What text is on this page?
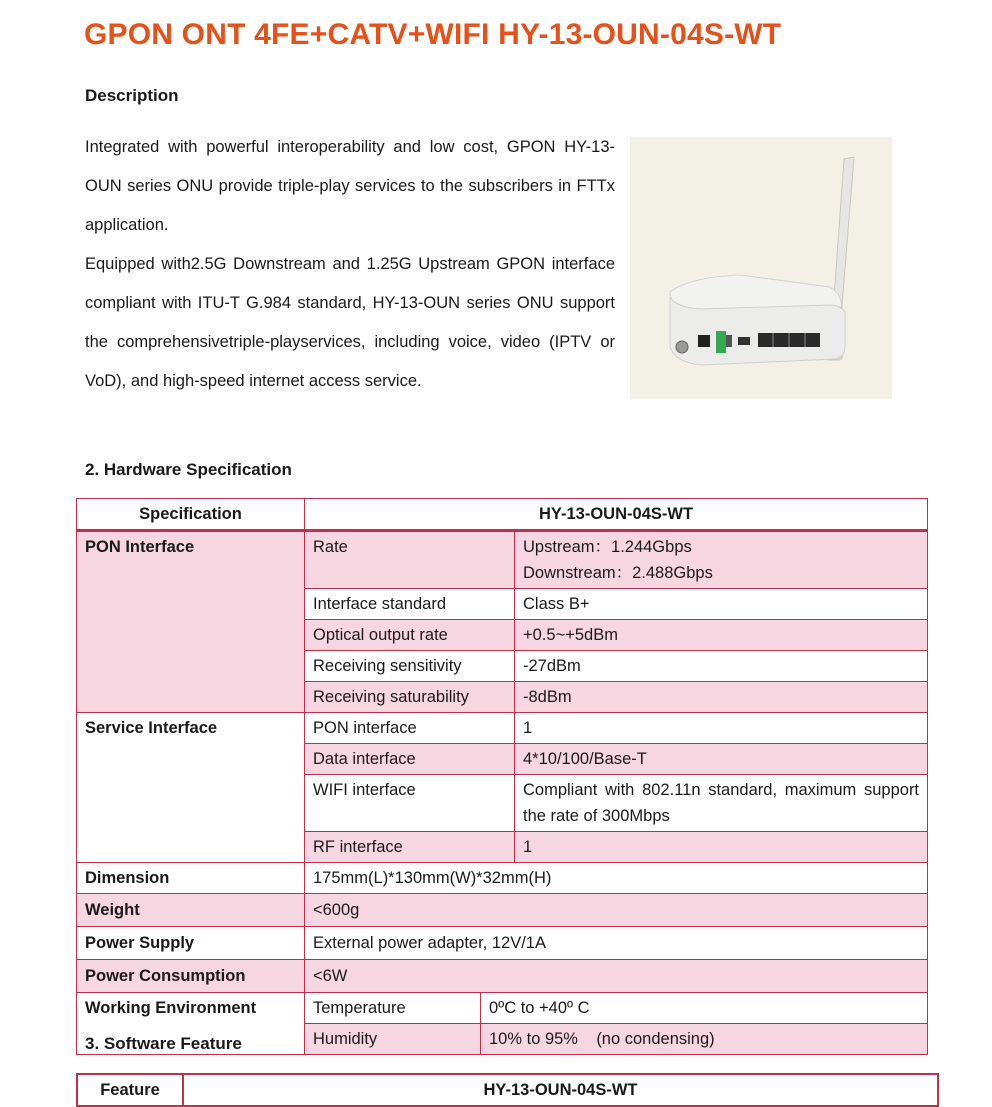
GPON ONT 4FE+CATV+WIFI HY-13-OUN-04S-WT
Description

Integrated with powerful interoperability and low cost, GPON HY-13-OUN series ONU provide triple-play services to the subscribers in FTTx application.

Equipped with2.5G Downstream and 1.25G Upstream GPON interface compliant with ITU-T G.984 standard, HY-13-OUN series ONU support the comprehensivetriple-playservices, including voice, video (IPTV or VoD), and high-speed internet access service.

2. Hardware Specification
Specification	HY-13-OUN-04S-WT		
PON Interface	Rate		Upstream：1.244Gbps
Downstream：2.488Gbps

	Interface standard		Class B+
	Optical output rate		+0.5~+5dBm
	Receiving sensitivity		-27dBm
	Receiving saturability		-8dBm
Service Interface	PON interface		1
	Data interface		4*10/100/Base-T
	WIFI interface		Compliant with 802.11n standard, maximum support the rate of 300Mbps
	RF interface		1
Dimension	175mm(L)*130mm(W)*32mm(H)		
Weight	<600g		
Power Supply	External power adapter, 12V/1A		
Power Consumption	<6W		
Working Environment	Temperature	0ºC to +40º C	
	Humidity	10% to 95%    (no condensing)	
3. Software Feature
Feature	HY-13-OUN-04S-WT
